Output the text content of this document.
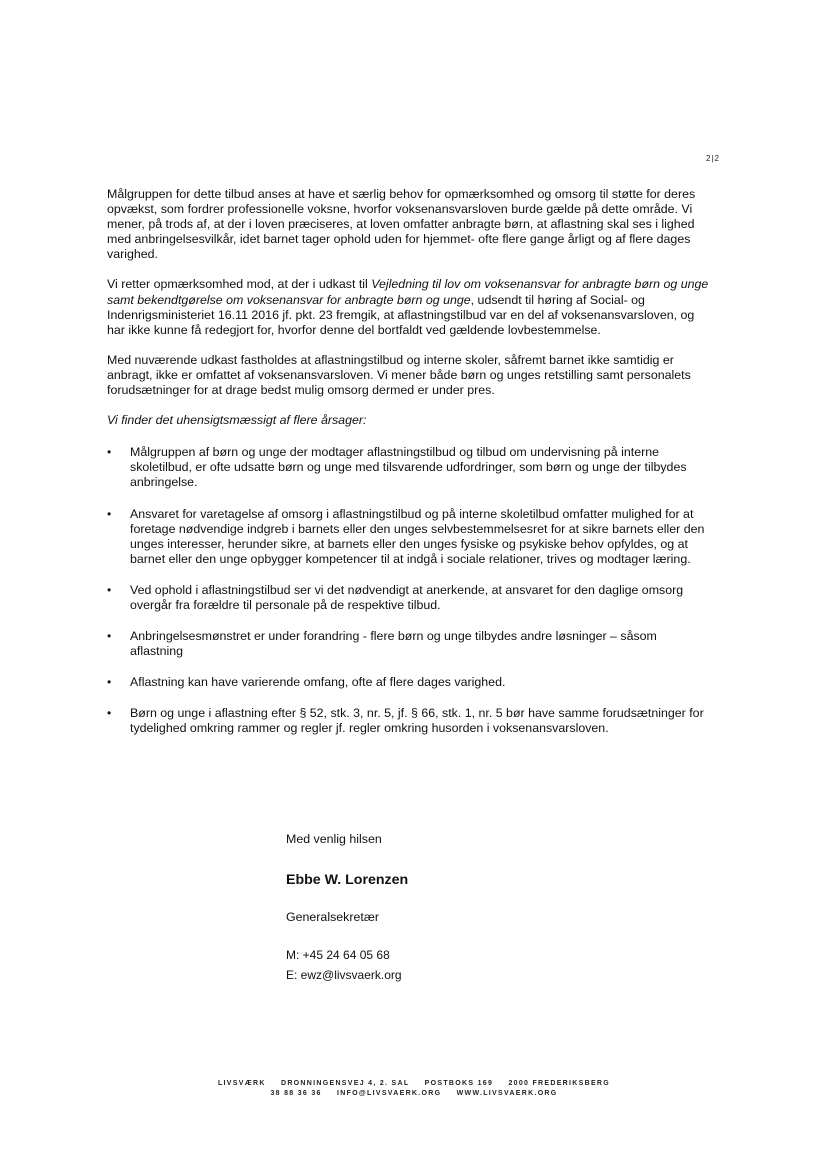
2|2

Målgruppen for dette tilbud anses at have et særlig behov for opmærksomhed og omsorg til støtte for deres opvækst, som fordrer professionelle voksne, hvorfor voksenansvarsloven burde gælde på dette område. Vi mener, på trods af, at der i loven præciseres, at loven omfatter anbragte børn, at aflastning skal ses i lighed med anbringelsesvilkår, idet barnet tager ophold uden for hjemmet- ofte flere gange årligt og af flere dages varighed.

Vi retter opmærksomhed mod, at der i udkast til Vejledning til lov om voksenansvar for anbragte børn og unge samt bekendtgørelse om voksenansvar for anbragte børn og unge, udsendt til høring af Social- og Indenrigsministeriet 16.11 2016 jf. pkt. 23 fremgik, at aflastningstilbud var en del af voksenansvarsloven, og har ikke kunne få redegjort for, hvorfor denne del bortfaldt ved gældende lovbestemmelse.

Med nuværende udkast fastholdes at aflastningstilbud og interne skoler, såfremt barnet ikke samtidig er anbragt, ikke er omfattet af voksenansvarsloven. Vi mener både børn og unges retstilling samt personalets forudsætninger for at drage bedst mulig omsorg dermed er under pres.

Vi finder det uhensigtsmæssigt af flere årsager:

• Målgruppen af børn og unge der modtager aflastningstilbud og tilbud om undervisning på interne skoletilbud, er ofte udsatte børn og unge med tilsvarende udfordringer, som børn og unge der tilbydes anbringelse.
• Ansvaret for varetagelse af omsorg i aflastningstilbud og på interne skoletilbud omfatter mulighed for at foretage nødvendige indgreb i barnets eller den unges selvbestemmelsesret for at sikre barnets eller den unges interesser, herunder sikre, at barnets eller den unges fysiske og psykiske behov opfyldes, og at barnet eller den unge opbygger kompetencer til at indgå i sociale relationer, trives og modtager læring.
• Ved ophold i aflastningstilbud ser vi det nødvendigt at anerkende, at ansvaret for den daglige omsorg overgår fra forældre til personale på de respektive tilbud.
• Anbringelsesmønstret er under forandring - flere børn og unge tilbydes andre løsninger – såsom aflastning
• Aflastning kan have varierende omfang, ofte af flere dages varighed.
• Børn og unge i aflastning efter § 52, stk. 3, nr. 5, jf. § 66, stk. 1, nr. 5 bør have samme forudsætninger for tydelighed omkring rammer og regler jf. regler omkring husorden i voksenansvarsloven.

Med venlig hilsen

Ebbe W. Lorenzen

Generalsekretær

M: +45 24 64 05 68

E: ewz@livsvaerk.org

LIVSVÆRK DRONNINGENSVEJ 4, 2. SAL POSTBOKS 169 2000 FREDERIKSBERG
38 88 36 36 INFO@LIVSVAERK.ORG WWW.LIVSVAERK.ORG
